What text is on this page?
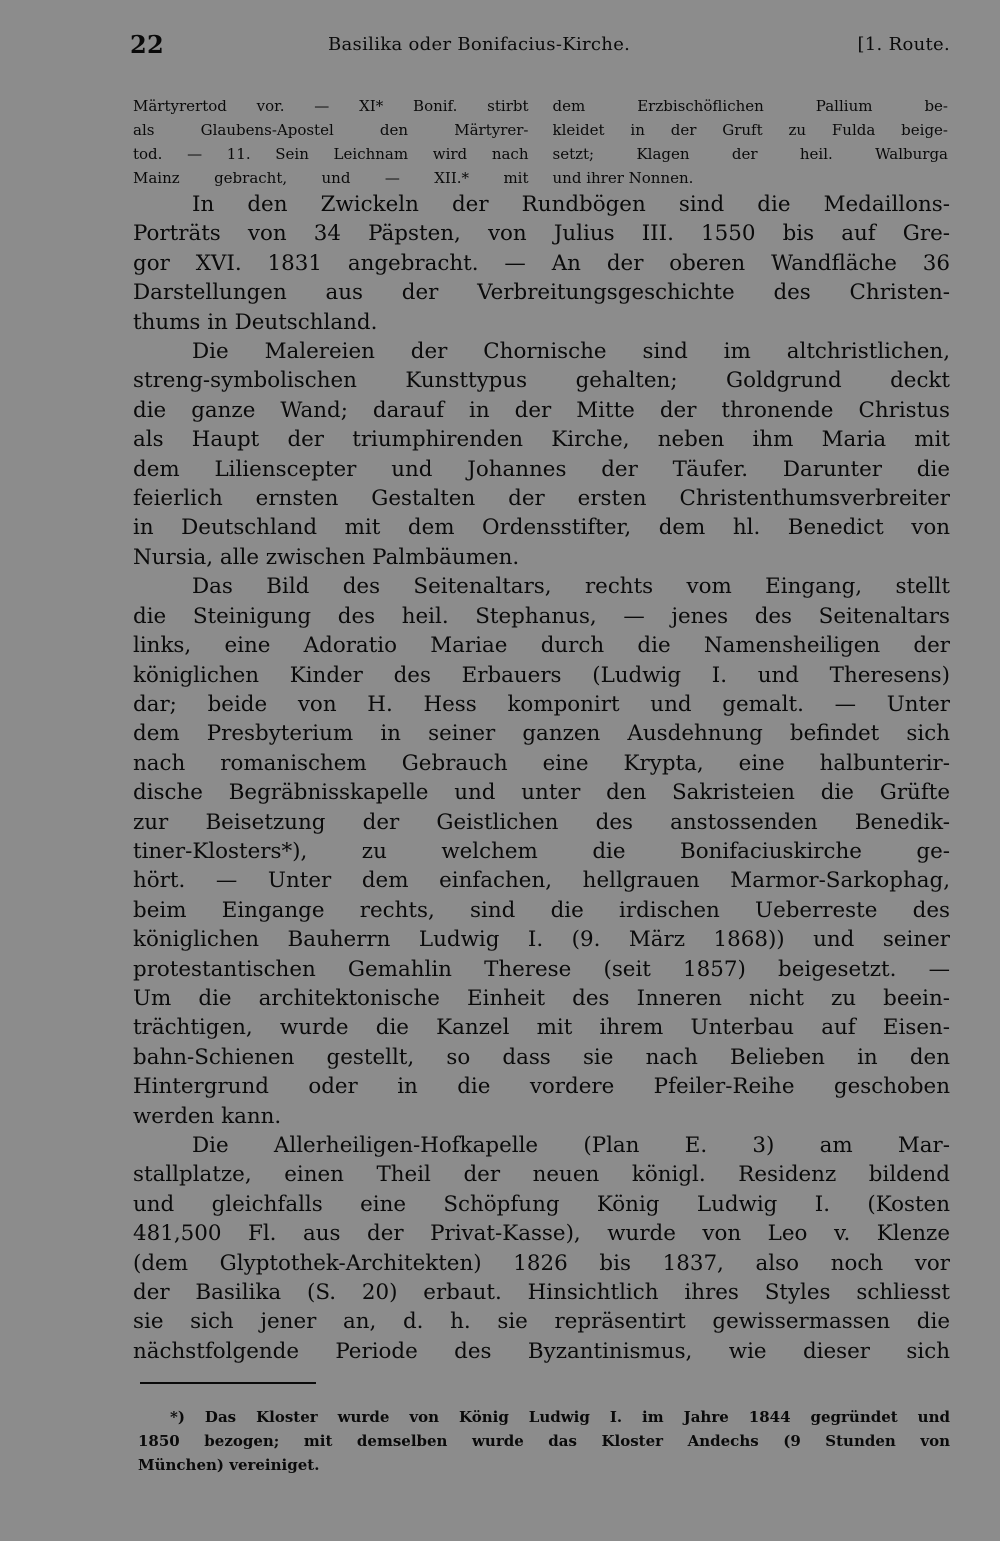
22	Basilika oder Bonifacius-Kirche.	[1. Route.
Märtyrertod vor. — XI* Bonif. stirbt
als Glaubens-Apostel den Märtyrer-
tod. — 11. Sein Leichnam wird nach
Mainz gebracht, und — XII.* mit
dem Erzbischöflichen Pallium be-
kleidet in der Gruft zu Fulda beige-
setzt; Klagen der heil. Walburga
und ihrer Nonnen.
In den Zwickeln der Rundbögen sind die Medaillons-
Porträts von 34 Päpsten, von Julius III. 1550 bis auf Gre-
gor XVI. 1831 angebracht. — An der oberen Wandfläche 36
Darstellungen aus der Verbreitungsgeschichte des Christen-
thums in Deutschland.
Die Malereien der Chornische sind im altchristlichen,
streng-symbolischen Kunsttypus gehalten; Goldgrund deckt
die ganze Wand; darauf in der Mitte der thronende Christus
als Haupt der triumphirenden Kirche, neben ihm Maria mit
dem Lilienscepter und Johannes der Täufer. Darunter die
feierlich ernsten Gestalten der ersten Christenthumsverbreiter
in Deutschland mit dem Ordensstifter, dem hl. Benedict von
Nursia, alle zwischen Palmbäumen.
Das Bild des Seitenaltars, rechts vom Eingang, stellt
die Steinigung des heil. Stephanus, — jenes des Seitenaltars
links, eine Adoratio Mariae durch die Namensheiligen der
königlichen Kinder des Erbauers (Ludwig I. und Theresens)
dar; beide von H. Hess komponirt und gemalt. — Unter
dem Presbyterium in seiner ganzen Ausdehnung befindet sich
nach romanischem Gebrauch eine Krypta, eine halbunterir-
dische Begräbnisskapelle und unter den Sakristeien die Grüfte
zur Beisetzung der Geistlichen des anstossenden Benedik-
tiner-Klosters*), zu welchem die Bonifaciuskirche ge-
hört. — Unter dem einfachen, hellgrauen Marmor-Sarkophag,
beim Eingange rechts, sind die irdischen Ueberreste des
königlichen Bauherrn Ludwig I. (9. März 1868)) und seiner
protestantischen Gemahlin Therese (seit 1857) beigesetzt. —
Um die architektonische Einheit des Inneren nicht zu beein-
trächtigen, wurde die Kanzel mit ihrem Unterbau auf Eisen-
bahn-Schienen gestellt, so dass sie nach Belieben in den
Hintergrund oder in die vordere Pfeiler-Reihe geschoben
werden kann.
Die Allerheiligen-Hofkapelle (Plan E. 3) am Mar-
stallplatze, einen Theil der neuen königl. Residenz bildend
und gleichfalls eine Schöpfung König Ludwig I. (Kosten
481,500 Fl. aus der Privat-Kasse), wurde von Leo v. Klenze
(dem Glyptothek-Architekten) 1826 bis 1837, also noch vor
der Basilika (S. 20) erbaut. Hinsichtlich ihres Styles schliesst
sie sich jener an, d. h. sie repräsentirt gewissermassen die
nächstfolgende Periode des Byzantinismus, wie dieser sich
*) Das Kloster wurde von König Ludwig I. im Jahre 1844 gegründet und
1850 bezogen; mit demselben wurde das Kloster Andechs (9 Stunden von
München) vereiniget.
